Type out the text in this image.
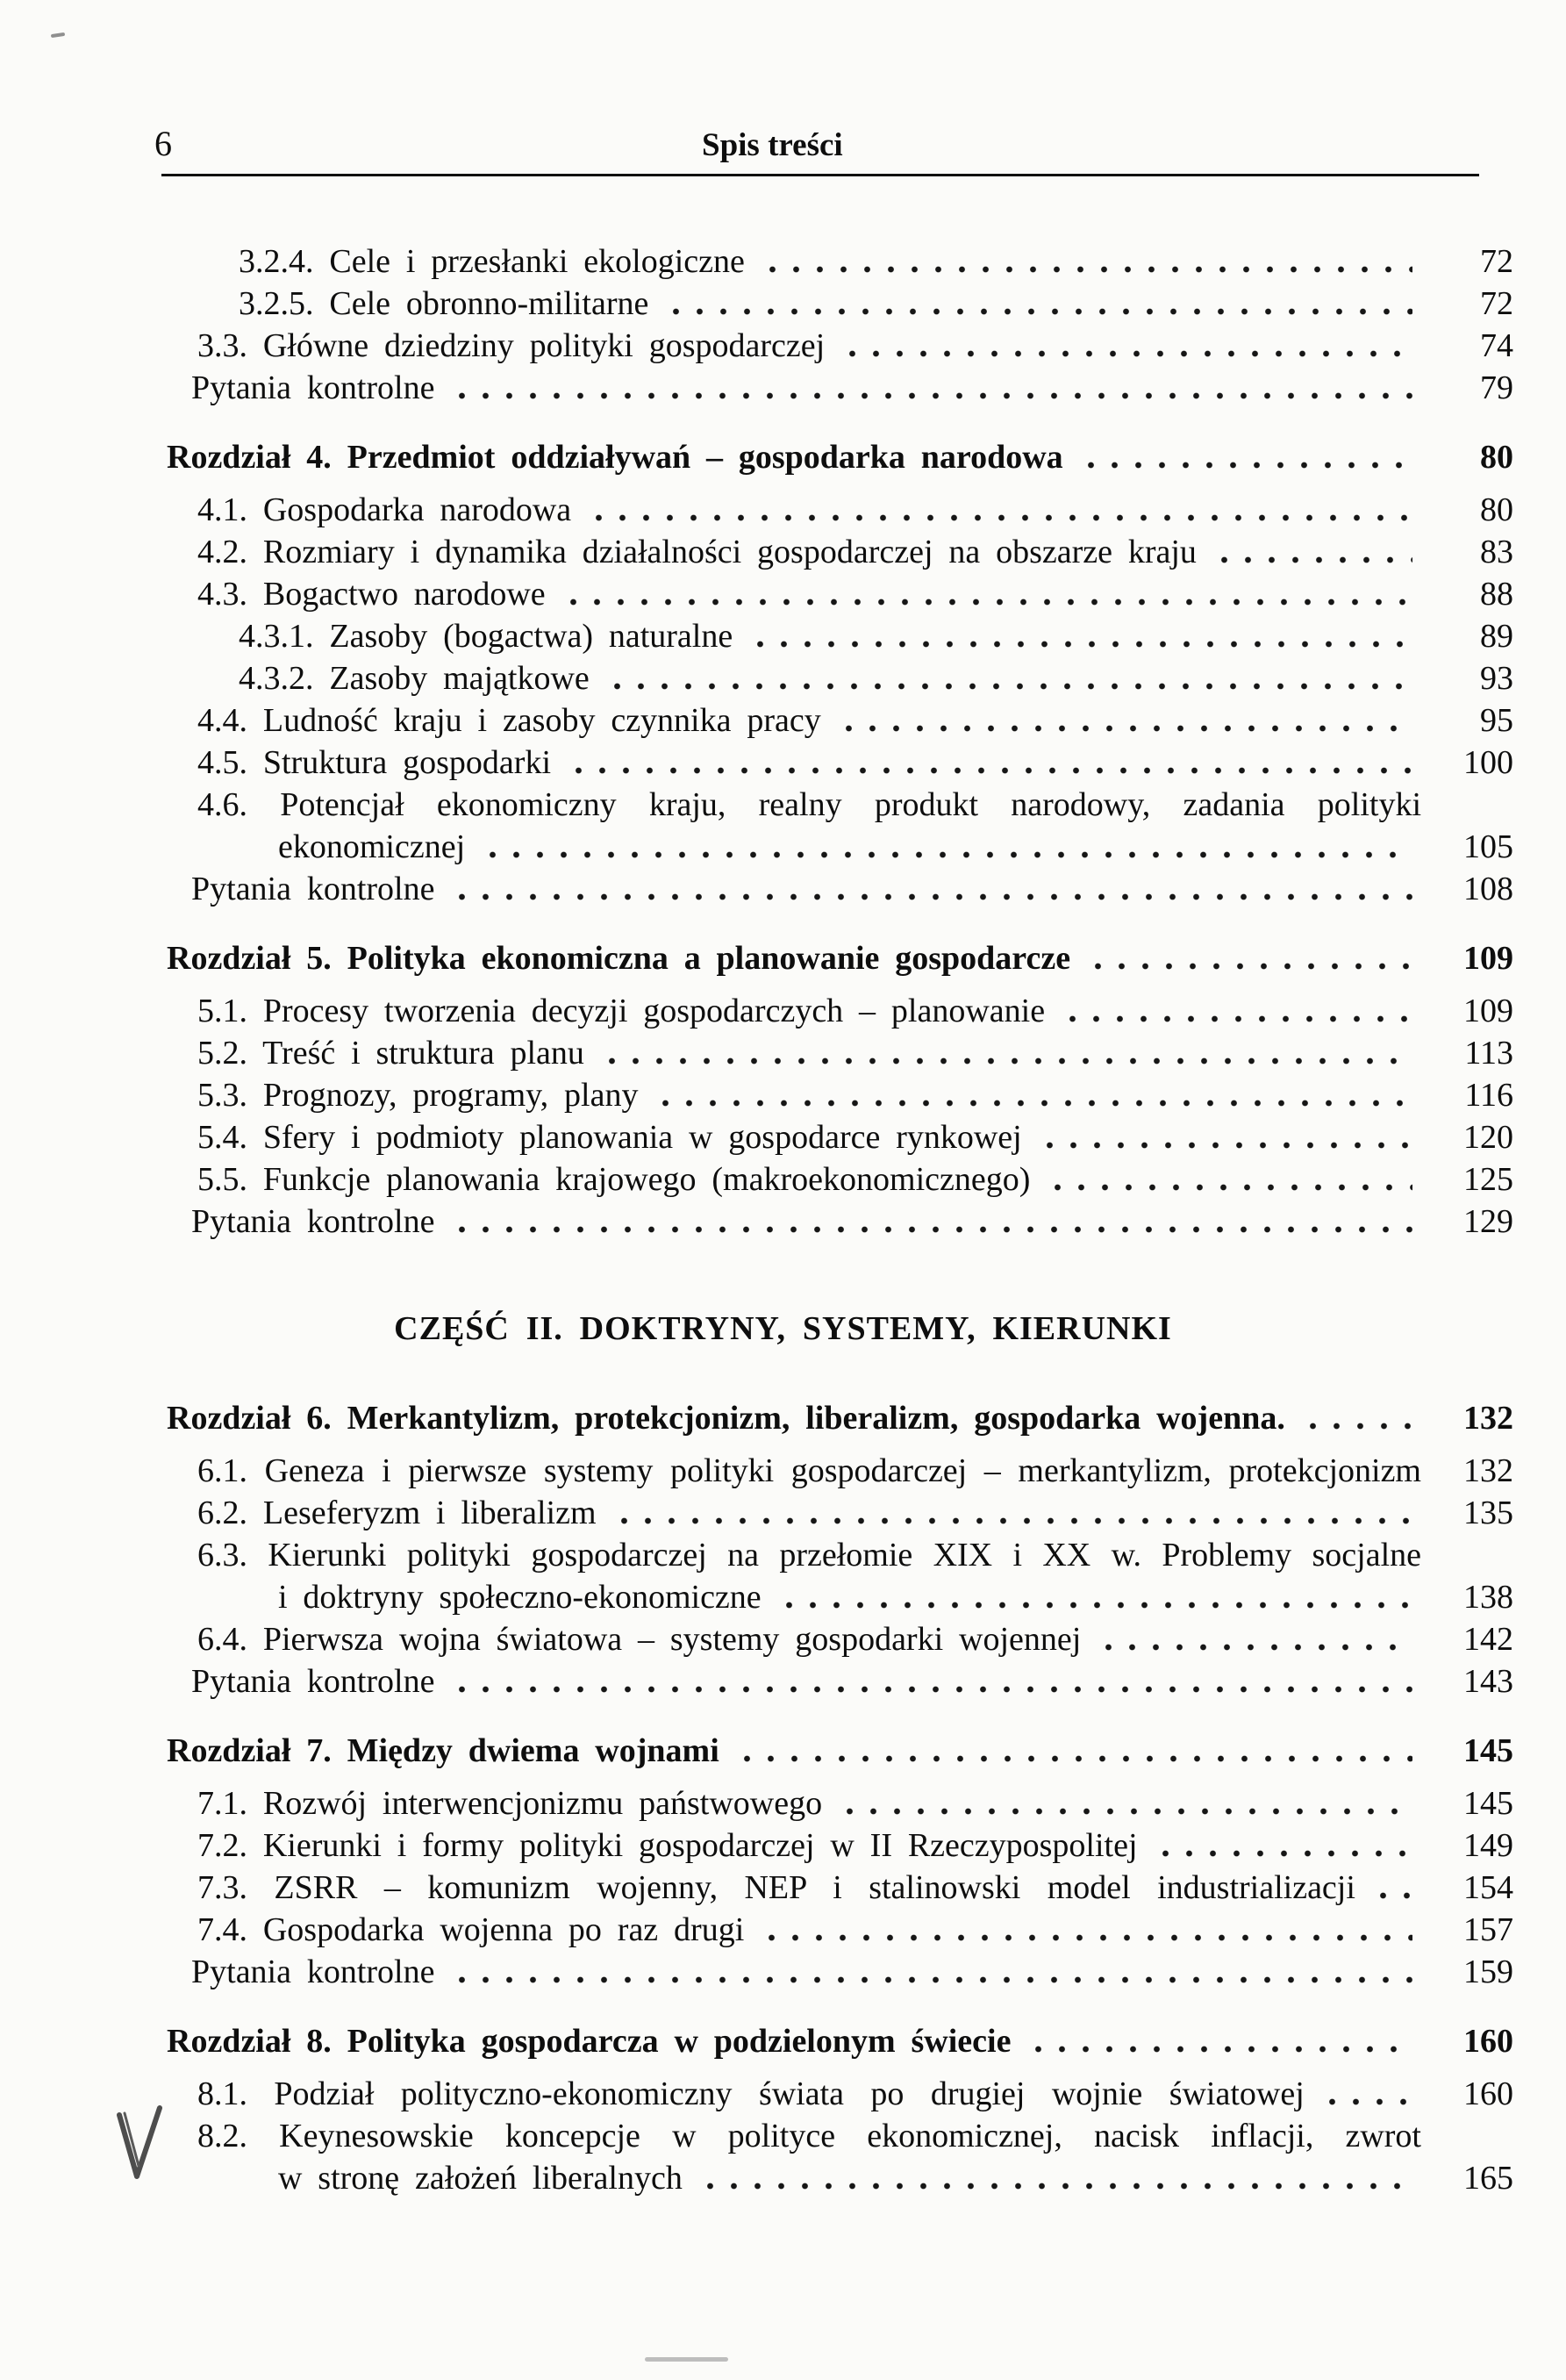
6	Spis treści
3.2.4. Cele i przesłanki ekologiczne	72
3.2.5. Cele obronno-militarne	72
3.3. Główne dziedziny polityki gospodarczej	74
Pytania kontrolne	79
Rozdział 4. Przedmiot oddziaływań – gospodarka narodowa	80
4.1. Gospodarka narodowa	80
4.2. Rozmiary i dynamika działalności gospodarczej na obszarze kraju	83
4.3. Bogactwo narodowe	88
4.3.1. Zasoby (bogactwa) naturalne	89
4.3.2. Zasoby majątkowe	93
4.4. Ludność kraju i zasoby czynnika pracy	95
4.5. Struktura gospodarki	100
4.6. Potencjał ekonomiczny kraju, realny produkt narodowy, zadania polityki
ekonomicznej	105
Pytania kontrolne	108
Rozdział 5. Polityka ekonomiczna a planowanie gospodarcze	109
5.1. Procesy tworzenia decyzji gospodarczych – planowanie	109
5.2. Treść i struktura planu	113
5.3. Prognozy, programy, plany	116
5.4. Sfery i podmioty planowania w gospodarce rynkowej	120
5.5. Funkcje planowania krajowego (makroekonomicznego)	125
Pytania kontrolne	129
CZĘŚĆ II. DOKTRYNY, SYSTEMY, KIERUNKI
Rozdział 6. Merkantylizm, protekcjonizm, liberalizm, gospodarka wojenna.	132
6.1. Geneza i pierwsze systemy polityki gospodarczej – merkantylizm, protekcjonizm	132
6.2. Leseferyzm i liberalizm	135
6.3. Kierunki polityki gospodarczej na przełomie XIX i XX w. Problemy socjalne
i doktryny społeczno-ekonomiczne	138
6.4. Pierwsza wojna światowa – systemy gospodarki wojennej	142
Pytania kontrolne	143
Rozdział 7. Między dwiema wojnami	145
7.1. Rozwój interwencjonizmu państwowego	145
7.2. Kierunki i formy polityki gospodarczej w II Rzeczypospolitej	149
7.3. ZSRR – komunizm wojenny, NEP i stalinowski model industrializacji	154
7.4. Gospodarka wojenna po raz drugi	157
Pytania kontrolne	159
Rozdział 8. Polityka gospodarcza w podzielonym świecie	160
8.1. Podział polityczno-ekonomiczny świata po drugiej wojnie światowej	160
8.2. Keynesowskie koncepcje w polityce ekonomicznej, nacisk inflacji, zwrot
w stronę założeń liberalnych	165
